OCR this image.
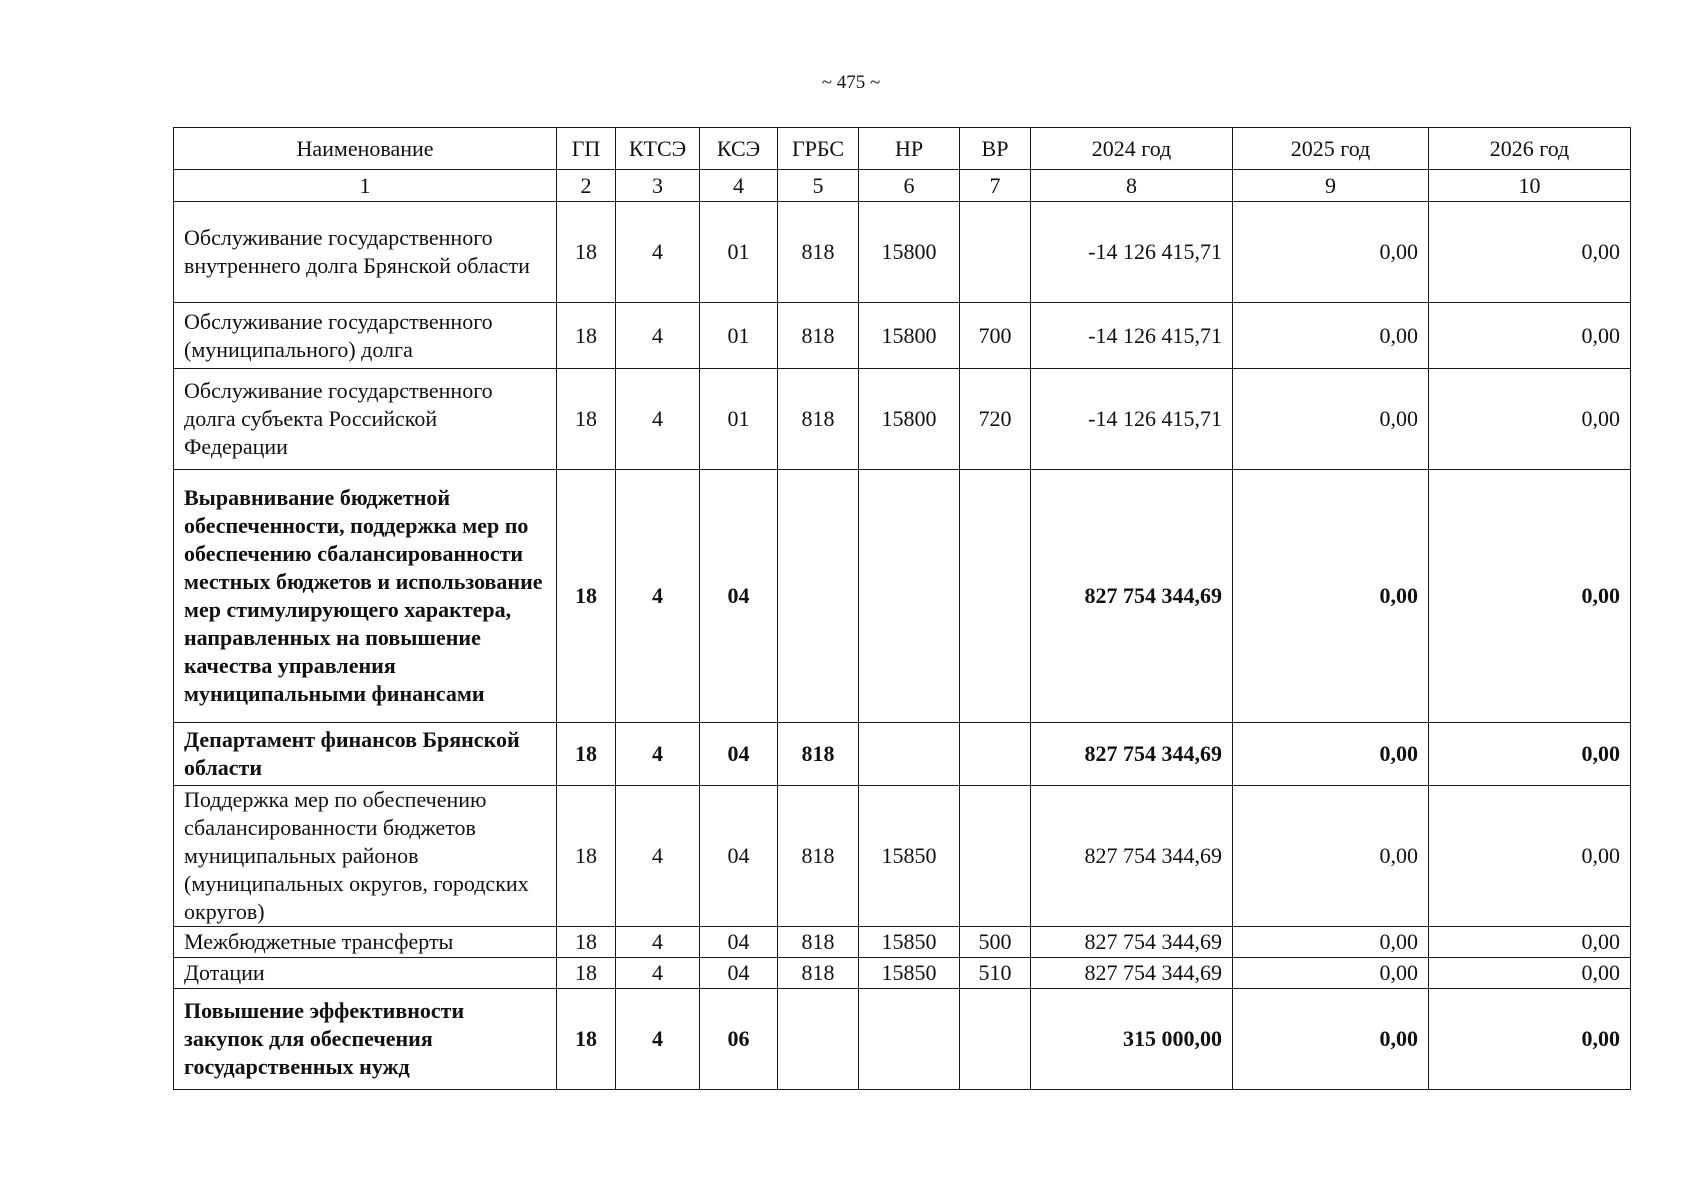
~ 475 ~
Наименование	ГП	КТСЭ	КСЭ	ГРБС	НР	ВР	2024 год	2025 год	2026 год
1	2	3	4	5	6	7	8	9	10
Обслуживание государственного внутреннего долга Брянской области	18	4	01	818	15800		-14 126 415,71	0,00	0,00
Обслуживание государственного (муниципального) долга	18	4	01	818	15800	700	-14 126 415,71	0,00	0,00
Обслуживание государственного долга субъекта Российской Федерации	18	4	01	818	15800	720	-14 126 415,71	0,00	0,00
Выравнивание бюджетной обеспеченности, поддержка мер по обеспечению сбалансированности местных бюджетов и использование мер стимулирующего характера, направленных на повышение качества управления муниципальными финансами	18	4	04				827 754 344,69	0,00	0,00
Департамент финансов Брянской области	18	4	04	818			827 754 344,69	0,00	0,00
Поддержка мер по обеспечению сбалансированности бюджетов муниципальных районов (муниципальных округов, городских округов)	18	4	04	818	15850		827 754 344,69	0,00	0,00
Межбюджетные трансферты	18	4	04	818	15850	500	827 754 344,69	0,00	0,00
Дотации	18	4	04	818	15850	510	827 754 344,69	0,00	0,00
Повышение эффективности закупок для обеспечения государственных нужд	18	4	06				315 000,00	0,00	0,00
